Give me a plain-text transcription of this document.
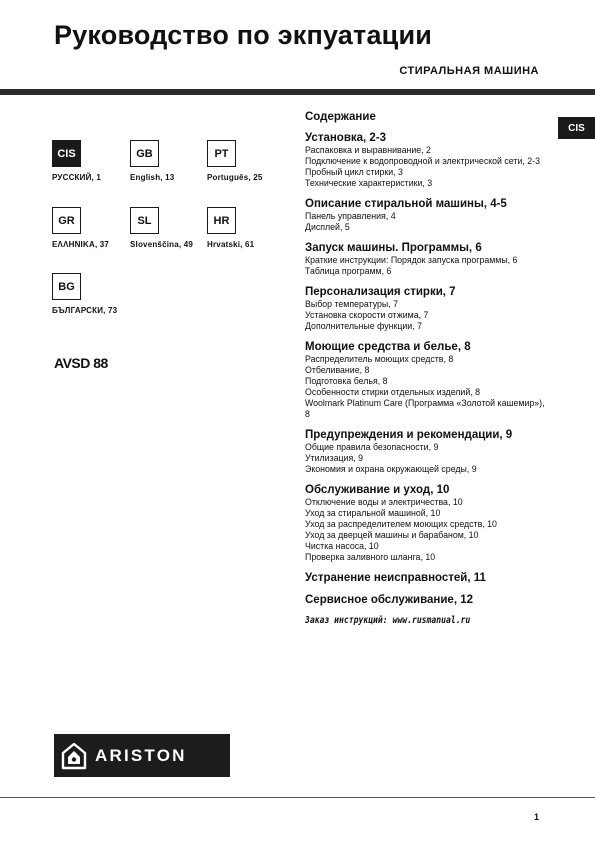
Руководство по экпуатации
СТИРАЛЬНАЯ МАШИНА
CIS
CIS
РУССКИЙ, 1
GB
English, 13
PT
Português, 25
GR
ΕΛΛΗΝΙΚΑ, 37
SL
Slovenščina, 49
HR
Hrvatski, 61
BG
БЪЛГАРСКИ, 73
AVSD 88
Содержание
Установка, 2-3
Распаковка и выравнивание, 2
Подключение к водопроводной и электрической сети, 2-3
Пробный цикл стирки, 3
Технические характеристики, 3
Описание стиральной машины, 4-5
Панель управления, 4
Дисплей, 5
Запуск машины. Программы, 6
Краткие инструкции: Порядок запуска программы, 6
Таблица программ, 6
Персонализация стирки, 7
Выбор температуры, 7
Установка скорости отжима, 7
Дополнительные функции, 7
Моющие средства и белье, 8
Распределитель моющих средств, 8
Отбеливание, 8
Подготовка белья, 8
Особенности стирки отдельных изделий, 8
Woolmark Platinum Care (Программа «Золотой кашемир»), 8
Предупреждения и рекомендации, 9
Общие правила безопасности, 9
Утилизация, 9
Экономия и охрана окружающей среды, 9
Обслуживание и уход, 10
Отключение воды и электричества, 10
Уход за стиральной машиной, 10
Уход за распределителем моющих средств, 10
Уход за дверцей машины и барабаном, 10
Чистка насоса, 10
Проверка заливного шланга, 10
Устранение неисправностей, 11
Сервисное обслуживание, 12
Заказ инструкций: www.rusmanual.ru
ARISTON
1
